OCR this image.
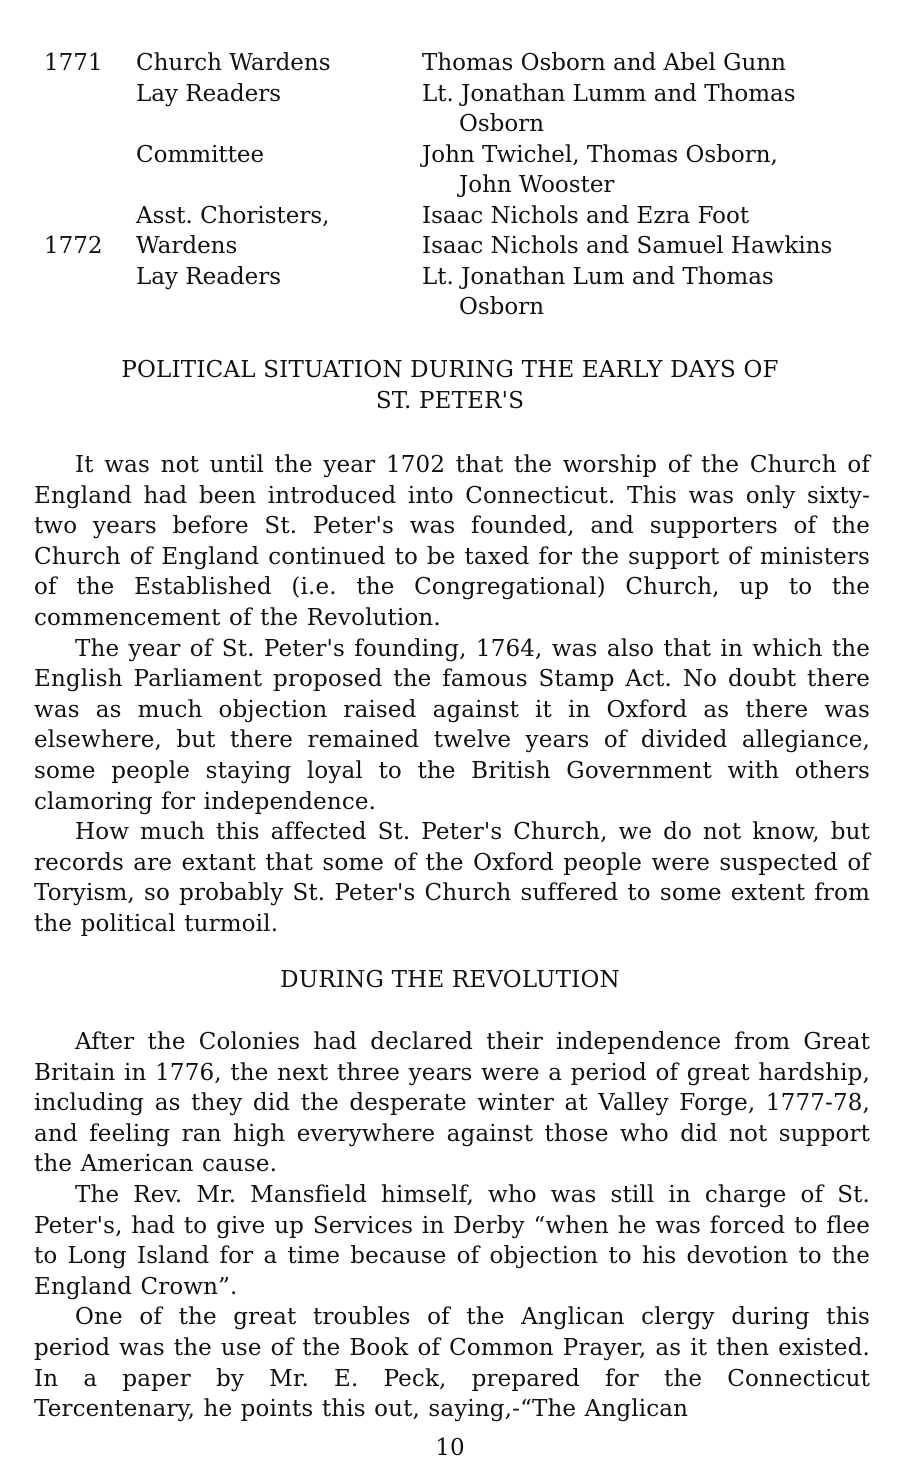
1771 Church Wardens	Thomas Osborn and Abel Gunn
Lay Readers	Lt. Jonathan Lumm and Thomas
Osborn
Committee	John Twichel, Thomas Osborn,
John Wooster
Asst. Choristers,	Isaac Nichols and Ezra Foot
1772 Wardens	Isaac Nichols and Samuel Hawkins
Lay Readers	Lt. Jonathan Lum and Thomas
Osborn
POLITICAL SITUATION DURING THE EARLY DAYS OF
ST. PETER'S

It was not until the year 1702 that the worship of the Church of England had been introduced into Connecticut. This was only sixty-two years before St. Peter's was founded, and supporters of the Church of England continued to be taxed for the support of ministers of the Established (i.e. the Congregational) Church, up to the commencement of the Revolution.

The year of St. Peter's founding, 1764, was also that in which the English Parliament proposed the famous Stamp Act. No doubt there was as much objection raised against it in Oxford as there was elsewhere, but there remained twelve years of divided allegiance, some people staying loyal to the British Government with others clamoring for independence.

How much this affected St. Peter's Church, we do not know, but records are extant that some of the Oxford people were suspected of Toryism, so probably St. Peter's Church suffered to some extent from the political turmoil.

DURING THE REVOLUTION

After the Colonies had declared their independence from Great Britain in 1776, the next three years were a period of great hardship, including as they did the desperate winter at Valley Forge, 1777-78, and feeling ran high everywhere against those who did not support the American cause.

The Rev. Mr. Mansfield himself, who was still in charge of St. Peter's, had to give up Services in Derby “when he was forced to flee to Long Island for a time because of objection to his devotion to the England Crown”.

One of the great troubles of the Anglican clergy during this period was the use of the Book of Common Prayer, as it then existed. In a paper by Mr. E. Peck, prepared for the Connecticut Tercentenary, he points this out, saying,-“The Anglican

10
